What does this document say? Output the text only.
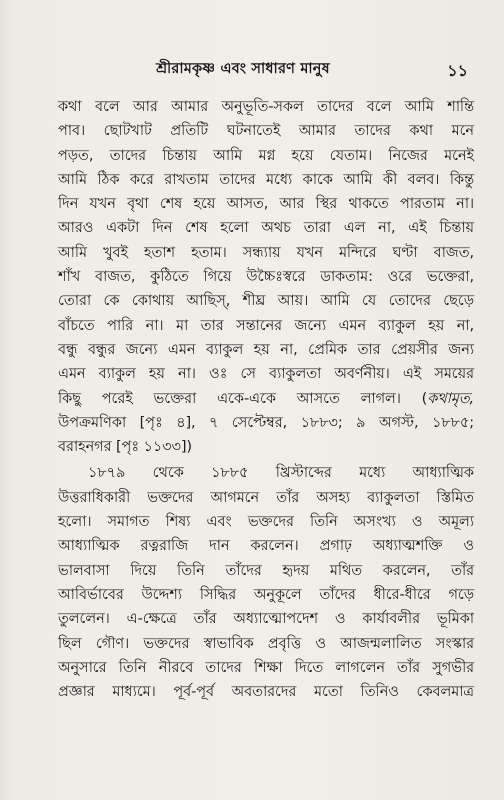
শ্রীরামকৃষ্ণ এবং সাধারণ মানুষ	১১

কথা বলে আর আমার অনুভূতি-সকল তাদের বলে আমি শান্তি
পাব। ছোটখাট প্রতিটি ঘটনাতেই আমার তাদের কথা মনে
পড়ত, তাদের চিন্তায় আমি মগ্ন হয়ে যেতাম। নিজের মনেই
আমি ঠিক করে রাখতাম তাদের মধ্যে কাকে আমি কী বলব। কিন্তু
দিন যখন বৃথা শেষ হয়ে আসত, আর স্থির থাকতে পারতাম না।
আরও একটা দিন শেষ হলো অথচ তারা এল না, এই চিন্তায়
আমি খুবই হতাশ হতাম। সন্ধ্যায় যখন মন্দিরে ঘণ্টা বাজত,
শাঁখ বাজত, কুঠিতে গিয়ে উচ্চৈঃস্বরে ডাকতাম: ওরে ভক্তেরা,
তোরা কে কোথায় আছিস্‌, শীঘ্র আয়। আমি যে তোদের ছেড়ে
বাঁচতে পারি না। মা তার সন্তানের জন্যে এমন ব্যাকুল হয় না,
বন্ধু বন্ধুর জন্যে এমন ব্যাকুল হয় না, প্রেমিক তার প্রেয়সীর জন্য
এমন ব্যাকুল হয় না। ওঃ সে ব্যাকুলতা অবর্ণনীয়। এই সময়ের
কিছু পরেই ভক্তেরা একে-একে আসতে লাগল। (কথামৃত,
উপক্রমণিকা [পৃঃ ৪], ৭ সেপ্টেম্বর, ১৮৮৩; ৯ অগস্ট, ১৮৮৫;
বরাহনগর [পৃঃ ১১৩৩])

১৮৭৯ থেকে ১৮৮৫ খ্রিস্টাব্দের মধ্যে আধ্যাত্মিক
উত্তরাধিকারী ভক্তদের আগমনে তাঁর অসহ্য ব্যাকুলতা স্তিমিত
হলো। সমাগত শিষ্য এবং ভক্তদের তিনি অসংখ্য ও অমূল্য
আধ্যাত্মিক রত্নরাজি দান করলেন। প্রগাঢ় অধ্যাত্মশক্তি ও
ভালবাসা দিয়ে তিনি তাঁদের হৃদয় মথিত করলেন, তাঁর
আবির্ভাবের উদ্দেশ্য সিদ্ধির অনুকূলে তাঁদের ধীরে-ধীরে গড়ে
তুললেন। এ-ক্ষেত্রে তাঁর অধ্যাত্মোপদেশ ও কার্যাবলীর ভূমিকা
ছিল গৌণ। ভক্তদের স্বাভাবিক প্রবৃত্তি ও আজন্মলালিত সংস্কার
অনুসারে তিনি নীরবে তাদের শিক্ষা দিতে লাগলেন তাঁর সুগভীর
প্রজ্ঞার মাধ্যমে। পূর্ব-পূর্ব অবতারদের মতো তিনিও কেবলমাত্র
